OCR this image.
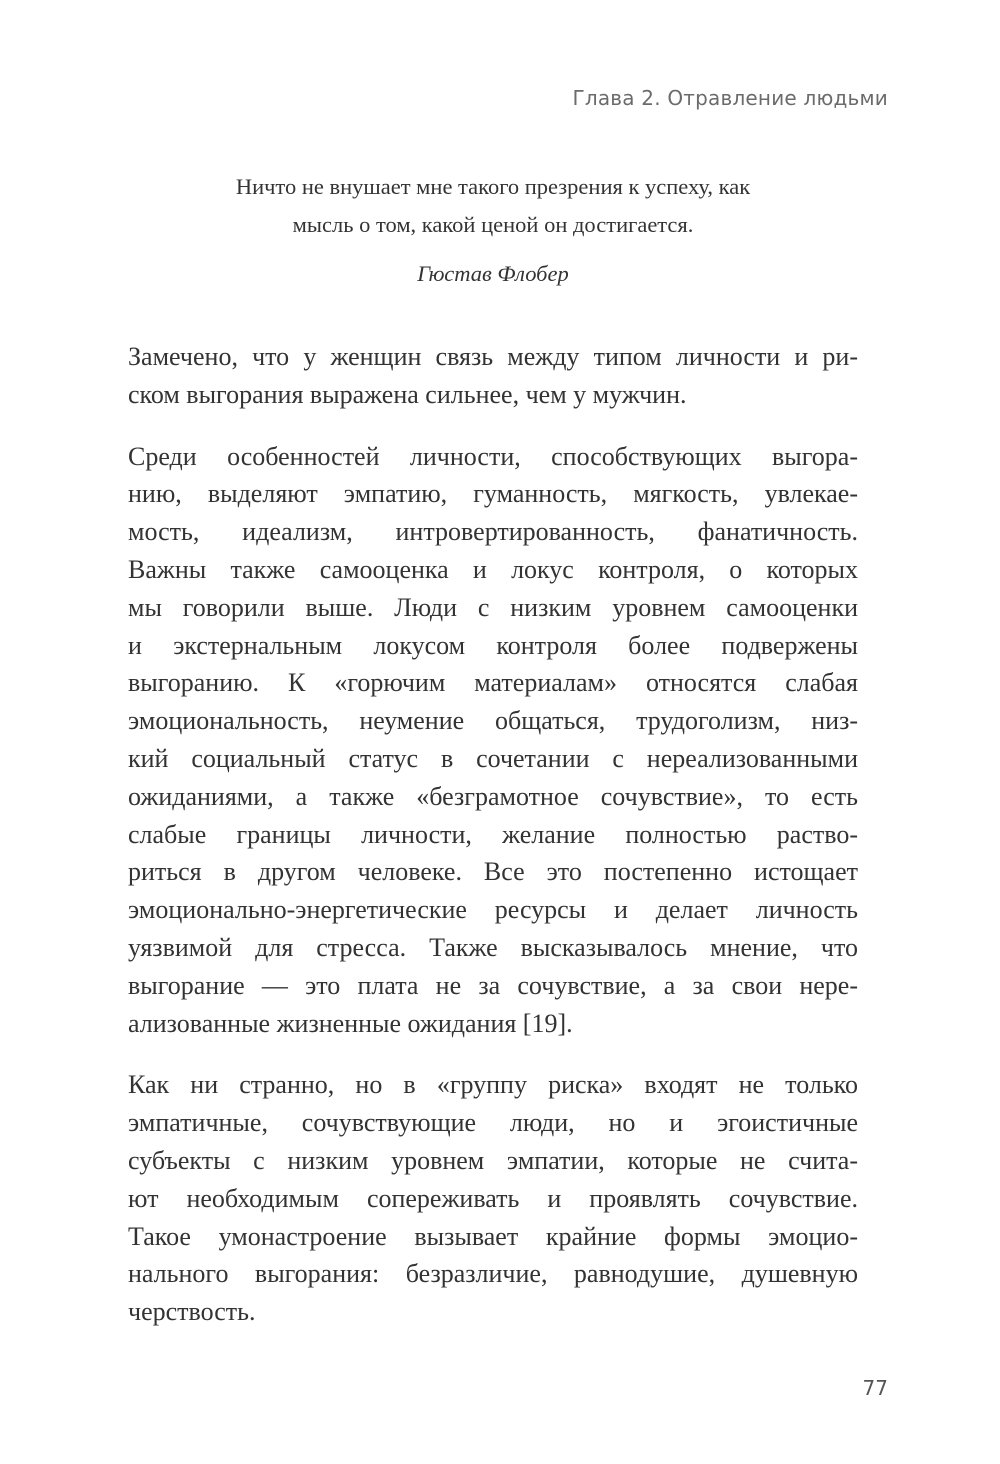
Глава 2. Отравление людьми
Ничто не внушает мне такого презрения к успеху, как
мысль о том, какой ценой он достигается.
Гюстав Флобер

Замечено, что у женщин связь между типом личности и ри-
ском выгорания выражена сильнее, чем у мужчин.

Среди особенностей личности, способствующих выгора-
нию, выделяют эмпатию, гуманность, мягкость, увлекае-
мость, идеализм, интровертированность, фанатичность.
Важны также самооценка и локус контроля, о которых
мы говорили выше. Люди с низким уровнем самооценки
и экстернальным локусом контроля более подвержены
выгоранию. К «горючим материалам» относятся слабая
эмоциональность, неумение общаться, трудоголизм, низ-
кий социальный статус в сочетании с нереализованными
ожиданиями, а также «безграмотное сочувствие», то есть
слабые границы личности, желание полностью раство-
риться в другом человеке. Все это постепенно истощает
эмоционально-энергетические ресурсы и делает личность
уязвимой для стресса. Также высказывалось мнение, что
выгорание — это плата не за сочувствие, а за свои нере-
ализованные жизненные ожидания [19].

Как ни странно, но в «группу риска» входят не только
эмпатичные, сочувствующие люди, но и эгоистичные
субъекты с низким уровнем эмпатии, которые не счита-
ют необходимым сопереживать и проявлять сочувствие.
Такое умонастроение вызывает крайние формы эмоцио-
нального выгорания: безразличие, равнодушие, душевную
черствость.

77
